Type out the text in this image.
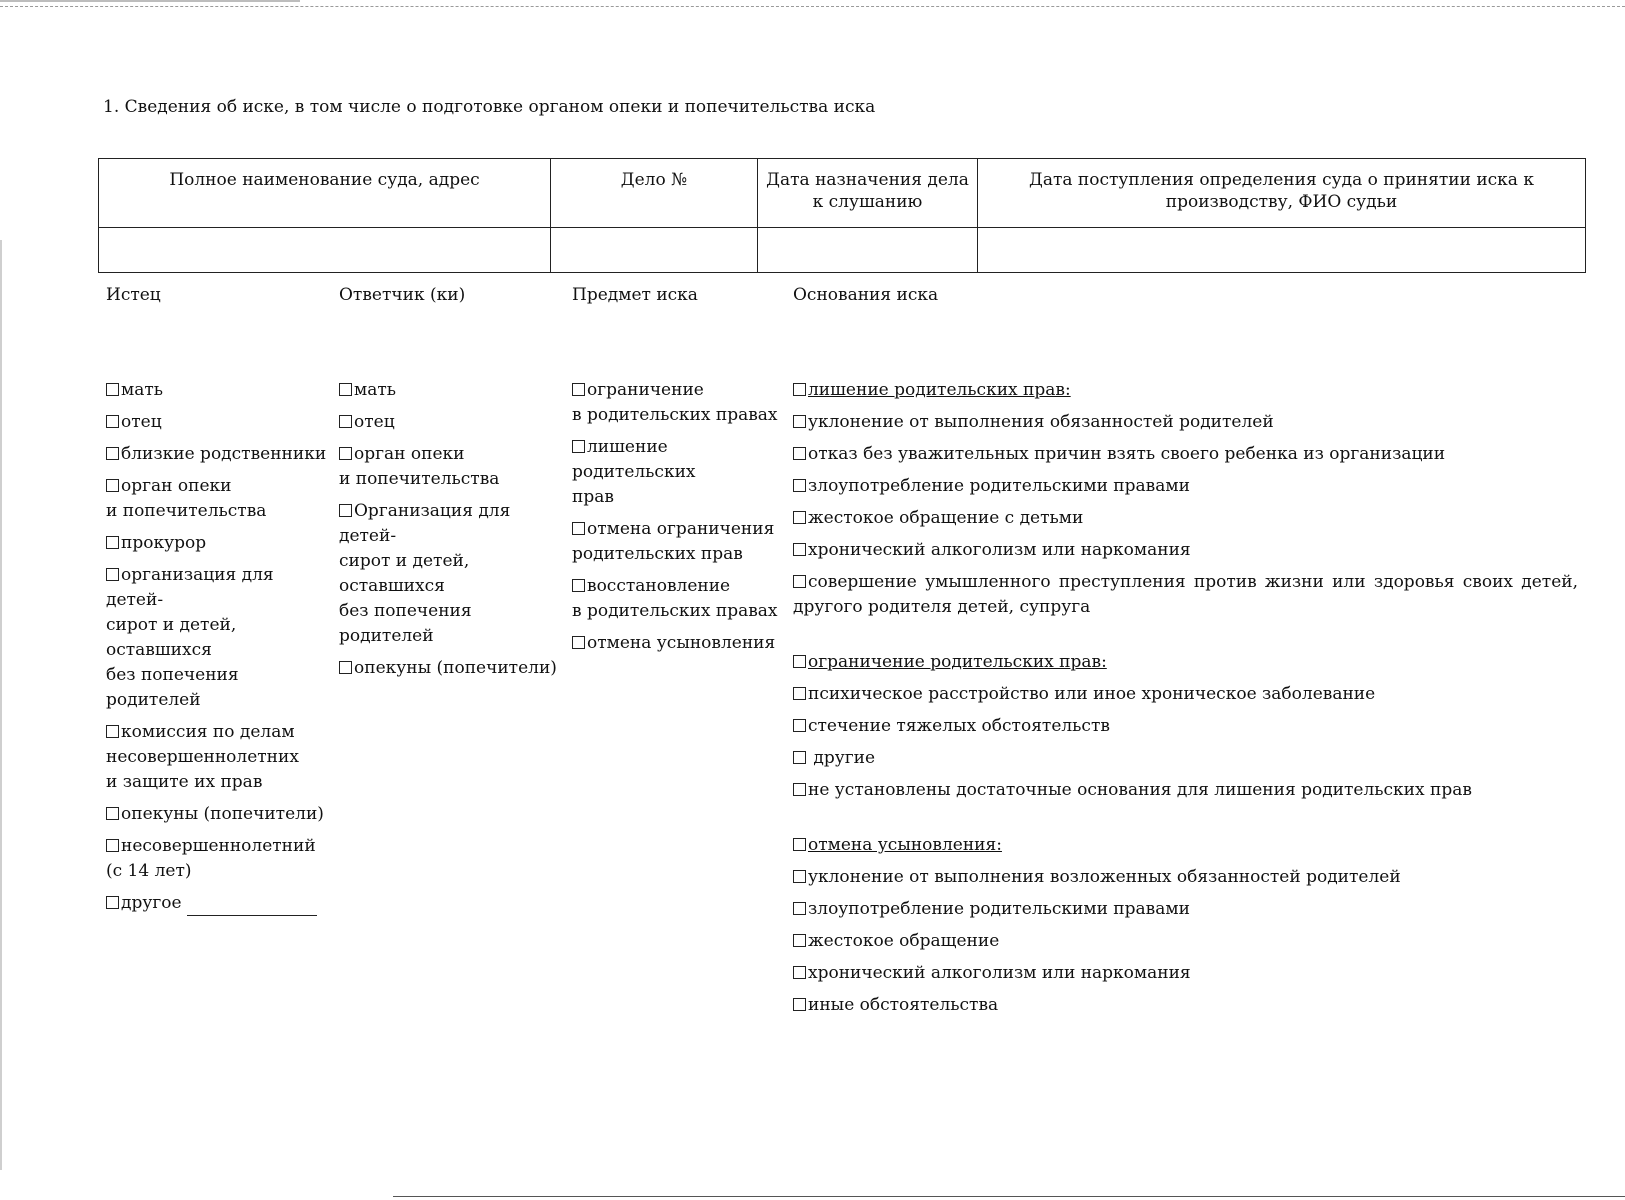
1. Сведения об иске, в том числе о подготовке органом опеки и попечительства иска
Полное наименование суда, адрес	Дело №	Дата назначения дела к слушанию	Дата поступления определения суда о принятии иска к производству, ФИО судьи

Истец
мать
отец
близкие родственники
орган опеки
и попечительства
прокурор
организация для детей-
сирот и детей, оставшихся
без попечения родителей
комиссия по делам
несовершеннолетних
и защите их прав
опекуны (попечители)
несовершеннолетний
(с 14 лет)
другое
Ответчик (ки)
мать
отец
орган опеки
и попечительства
Организация для детей-
сирот и детей, оставшихся
без попечения родителей
опекуны (попечители)
Предмет иска
ограничение
в родительских правах
лишение родительских
прав
отмена ограничения
родительских прав
восстановление
в родительских правах
отмена усыновления
Основания иска
лишение родительских прав:
уклонение от выполнения обязанностей родителей
отказ без уважительных причин взять своего ребенка из организации
злоупотребление родительскими правами
жестокое обращение с детьми
хронический алкоголизм или наркомания
совершение умышленного преступления против жизни или здоровья своих детей, другого родителя детей, супруга
ограничение родительских прав:
психическое расстройство или иное хроническое заболевание
стечение тяжелых обстоятельств
другие
не установлены достаточные основания для лишения родительских прав
отмена усыновления:
уклонение от выполнения возложенных обязанностей родителей
злоупотребление родительскими правами
жестокое обращение
хронический алкоголизм или наркомания
иные обстоятельства
